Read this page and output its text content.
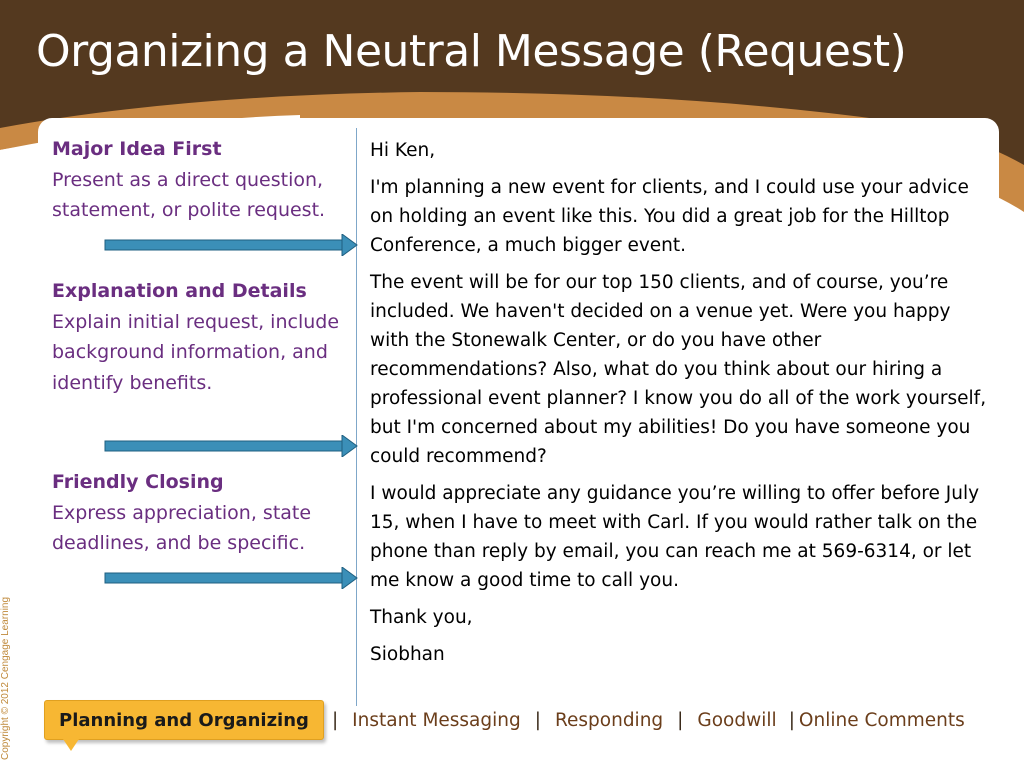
Organizing a Neutral Message (Request)
Major Idea First
Present as a direct question, statement, or polite request.
Explanation and Details
Explain initial request, include background information, and identify benefits.
Friendly Closing
Express appreciation, state deadlines, and be specific.

Hi Ken,

I'm planning a new event for clients, and I could use your advice on holding an event like this. You did a great job for the Hilltop Conference, a much bigger event.

The event will be for our top 150 clients, and of course, you’re included. We haven't decided on a venue yet. Were you happy with the Stonewalk Center, or do you have other recommendations? Also, what do you think about our hiring a professional event planner? I know you do all of the work yourself, but I'm concerned about my abilities! Do you have someone you could recommend?

I would appreciate any guidance you’re willing to offer before July 15, when I have to meet with Carl. If you would rather talk on the phone than reply by email, you can reach me at 569-6314, or let me know a good time to call you.

Thank you,

Siobhan

Copyright © 2012 Cengage Learning	Planning and Organizing | Instant Messaging | Responding | Goodwill | Online Comments
